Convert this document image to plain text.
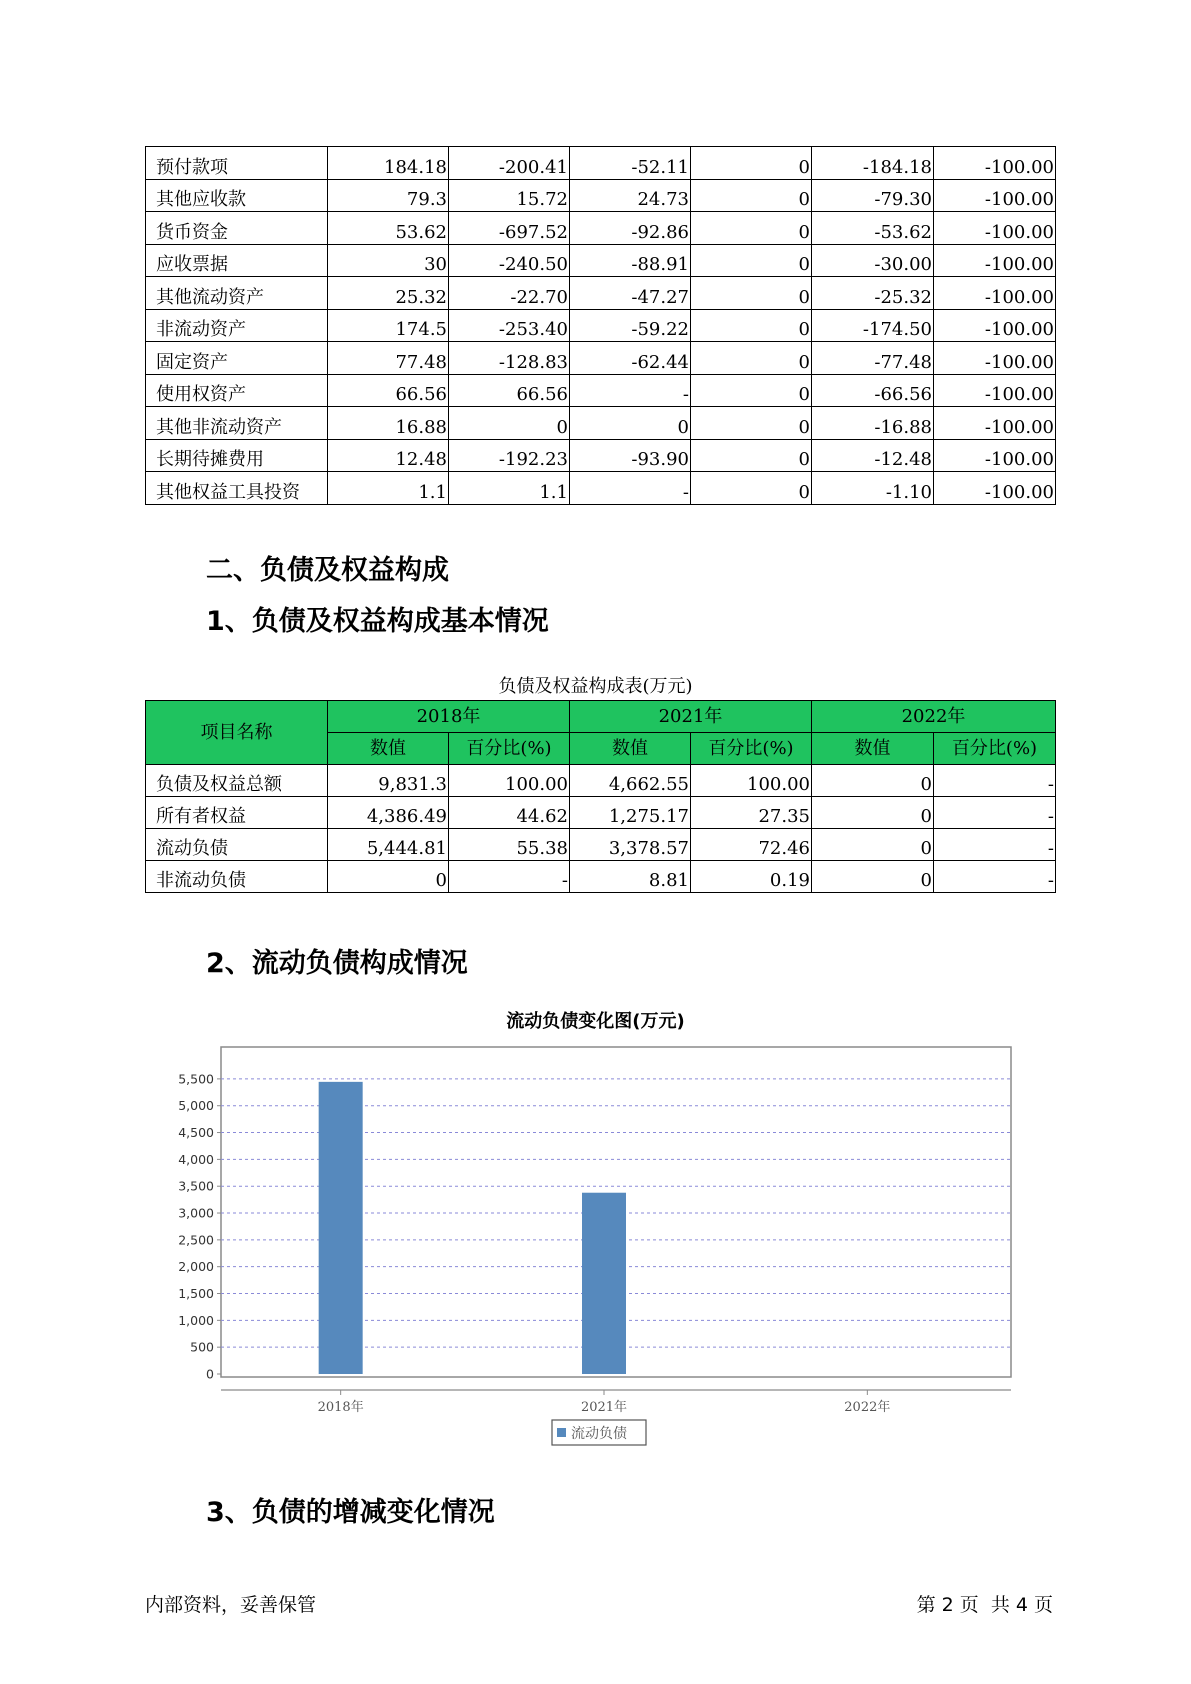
预付款项	184.18	-200.41	-52.11	0	-184.18	-100.00
其他应收款	79.3	15.72	24.73	0	-79.30	-100.00
货币资金	53.62	-697.52	-92.86	0	-53.62	-100.00
应收票据	30	-240.50	-88.91	0	-30.00	-100.00
其他流动资产	25.32	-22.70	-47.27	0	-25.32	-100.00
非流动资产	174.5	-253.40	-59.22	0	-174.50	-100.00
固定资产	77.48	-128.83	-62.44	0	-77.48	-100.00
使用权资产	66.56	66.56	-	0	-66.56	-100.00
其他非流动资产	16.88	0	0	0	-16.88	-100.00
长期待摊费用	12.48	-192.23	-93.90	0	-12.48	-100.00
其他权益工具投资	1.1	1.1	-	0	-1.10	-100.00
二、负债及权益构成
1、负债及权益构成基本情况
负债及权益构成表(万元)
项目名称	2018年		2021年		2022年	
	数值	百分比(%)	数值	百分比(%)	数值	百分比(%)
负债及权益总额	9,831.3	100.00	4,662.55	100.00	0	-
所有者权益	4,386.49	44.62	1,275.17	27.35	0	-
流动负债	5,444.81	55.38	3,378.57	72.46	0	-
非流动负债	0	-	8.81	0.19	0	-
2、流动负债构成情况
流动负债变化图(万元)
0
500
1,000
1,500
2,000
2,500
3,000
3,500
4,000
4,500
5,000
5,500
2018年	2021年	2022年
流动负债
3、负债的增减变化情况
内部资料，妥善保管	第 2 页  共 4 页
